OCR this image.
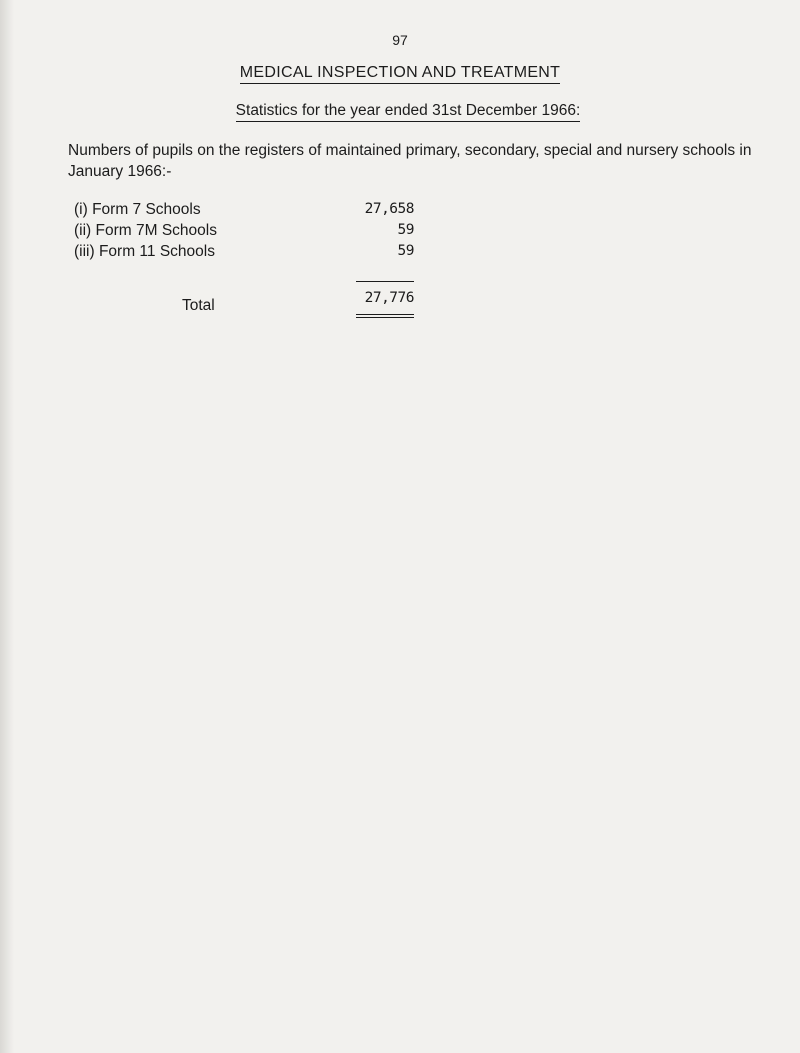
97
MEDICAL INSPECTION AND TREATMENT
Statistics for the year ended 31st December 1966:
Numbers of pupils on the registers of maintained primary, secondary, special and nursery schools in January 1966:-
(i) Form 7 Schools	27,658
(ii) Form 7M Schools	59
(iii) Form 11 Schools	59
Total	27,776
